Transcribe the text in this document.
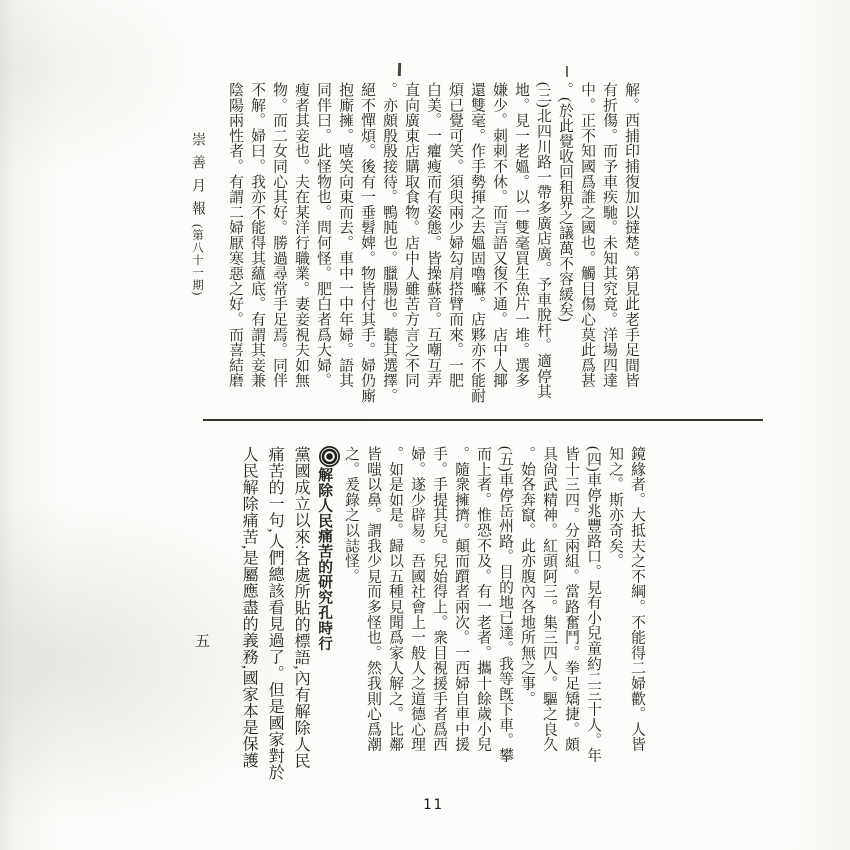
崇善月報(第八十一期)	解。西捕印捕復加以撻楚。第見此老手足間皆

有折傷。而予車疾馳。未知其究竟。洋場四達

中。正不知國爲誰之國也。觸目傷心莫此爲甚

。(於此覺收回租界之議萬不容緩矣)

(三)北四川路一帶多廣店廣。予車脫杆。適停其

地。見一老媼。以一雙毫買生魚片一堆。選多

嫌少。刺刺不休。而言語又復不通。店中人揶

還雙毫。作手勢揮之去媼固嚕囌。店夥亦不能耐

煩已覺可笑。須臾兩少婦勾肩搭臂而來。一肥

白美。一癯瘦而有姿態。皆操蘇音。互嘲互弄

直向廣東店購取食物。店中人雖苦方言之不同

。亦頗殷殷接待。鴨肫也。臘腸也。聽其選擇。

絕不憚煩。後有一垂髫婢。物皆付其手。婦仍廝

抱廝擁。嘻笑向東而去。車中一中年婦。語其

同伴曰。此怪物也。問何怪。肥白者爲大婦。

瘦者其妾也。夫在某洋行職業。妻妾視夫如無

物。而二女同心其好。勝過尋常手足焉。同伴

不解。婦曰。我亦不能得其蘊底。有謂其妾兼

陰陽兩性者。有謂二婦厭寒惡之好。而喜結磨

鏡緣者。大抵夫之不綱。不能得二婦歡。人皆

知之。斯亦奇矣。

(四)車停兆豐路口。見有小兒童約二三十人。年

皆十三四。分兩組。當路奮鬥。拳足矯捷。頗

具尙武精神。紅頭阿三。集三四人。驅之良久

。始各奔竄。此亦腹內各地所無之事。

(五)車停岳州路。目的地已達。我等旣下車。攀

而上者。惟恐不及。有一老者。攜十餘歲小兒

。隨衆擁擠。顛而躓者兩次。一西婦自車中援

手。手提其兒。兒始得上。衆目視援手者爲西

婦。遂少辟易。吾國社會上一般人之道德心理

。如是如是。歸以五種見聞爲家人解之。比鄰

皆嗤以鼻。謂我少見而多怪也。然我則心爲潮

之。爰錄之以誌怪。

解除人民痛苦的研究孔時行

黨國成立以來:各處所貼的標語,內有解除人民

痛苦的一句,人們總該看見過了。但是國家對於

人民解除痛苦,是屬應盡的義務,國家本是保護

五
11
